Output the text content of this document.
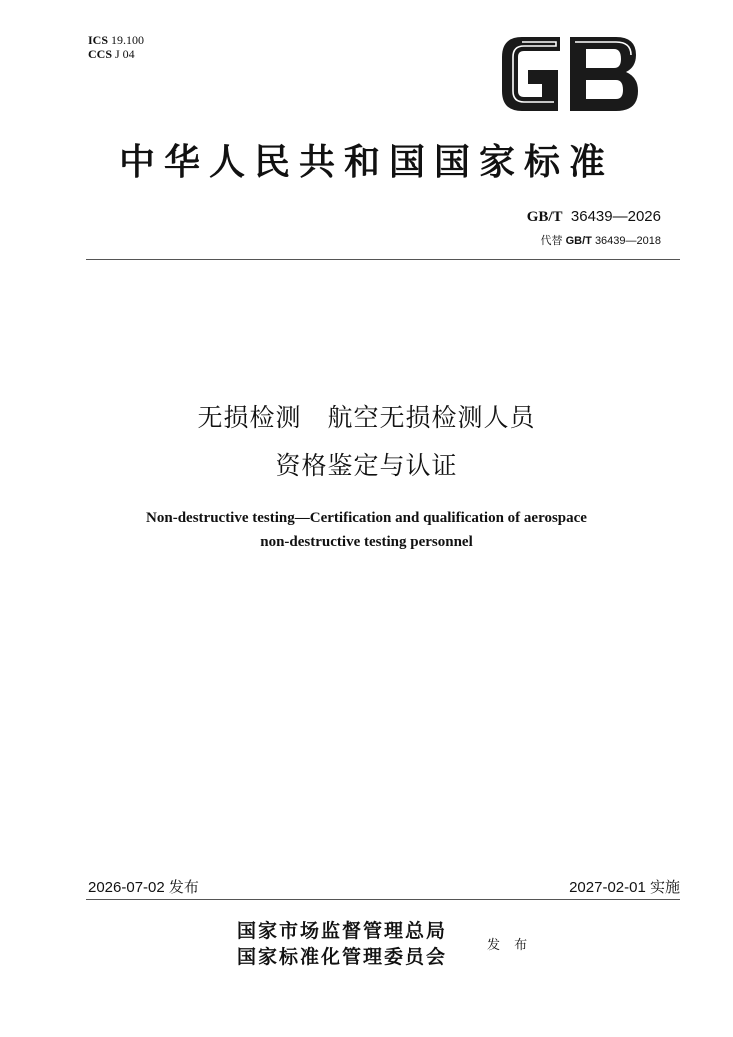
ICS 19.100
CCS J 04
中华人民共和国国家标准
GB/T 36439—2026
代替 GB/T 36439—2018
无损检测　航空无损检测人员
资格鉴定与认证
Non-destructive testing—Certification and qualification of aerospace
non-destructive testing personnel
2026-07-02 发布	2027-02-01 实施
国家市场监督管理总局
国家标准化管理委员会
发 布
